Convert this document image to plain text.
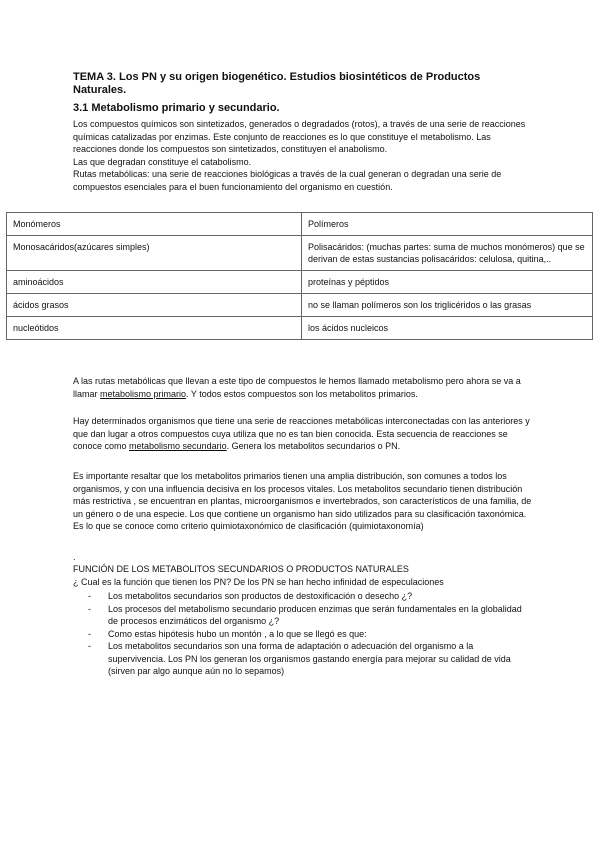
TEMA 3. Los PN y su origen biogenético. Estudios biosintéticos de Productos Naturales.
3.1 Metabolismo primario y secundario.

Los compuestos químicos son sintetizados, generados o degradados (rotos), a través de una serie de reacciones químicas catalizadas por enzimas. Este conjunto de reacciones es lo que constituye el metabolismo. Las reacciones donde los compuestos son sintetizados, constituyen el anabolismo.

Las que degradan constituye el catabolismo.

Rutas metabólicas: una serie de reacciones biológicas a través de la cual generan o degradan una serie de compuestos esenciales para el buen funcionamiento del organismo en cuestión.

Monómeros	Polímeros
Monosacáridos(azúcares simples)	Polisacáridos: (muchas partes: suma de muchos monómeros) que se derivan de estas sustancias polisacáridos: celulosa, quitina,..
aminoácidos	proteínas y péptidos
ácidos grasos	no se llaman polímeros son los triglicéridos o las grasas
nucleótidos	los ácidos nucleicos

A las rutas metabólicas que llevan a este tipo de compuestos le hemos llamado metabolismo pero ahora se va a llamar metabolismo primario. Y todos estos compuestos son los metabolitos primarios.

Hay determinados organismos que tiene una serie de reacciones metabólicas interconectadas con las anteriores y que dan lugar a otros compuestos cuya utiliza que no es tan bien conocida. Esta secuencia de reacciones se conoce como metabolismo secundario. Genera los metabolitos secundarios o PN.

Es importante resaltar que los metabolitos primarios tienen una amplia distribución, son comunes a todos los organismos, y con una influencia decisiva en los procesos vitales. Los metabolitos secundario tienen distribución más restrictiva , se encuentran en plantas, microorganismos e invertebrados, son característicos de una familia, de un género o de una especie. Los que contiene un organismo han sido utilizados para su clasificación taxonómica. Es lo que se conoce como criterio quimiotaxonómico de clasificación (quimiotaxonomía)

.
FUNCIÓN DE LOS METABOLITOS SECUNDARIOS O PRODUCTOS NATURALES
¿ Cual es la función que tienen los PN? De los PN se han hecho infinidad de especulaciones
- Los metabolitos secundarios son productos de destoxificación o desecho ¿?
- Los procesos del metabolismo secundario producen enzimas que serán fundamentales en la globalidad de procesos enzimáticos del organismo ¿?
- Como estas hipótesis hubo un montón , a lo que se llegó es que:
- Los metabolitos secundarios son una forma de adaptación o adecuación del organismo a la supervivencia. Los PN los generan los organismos gastando energía para mejorar su calidad de vida (sirven par algo aunque aún no lo sepamos)
